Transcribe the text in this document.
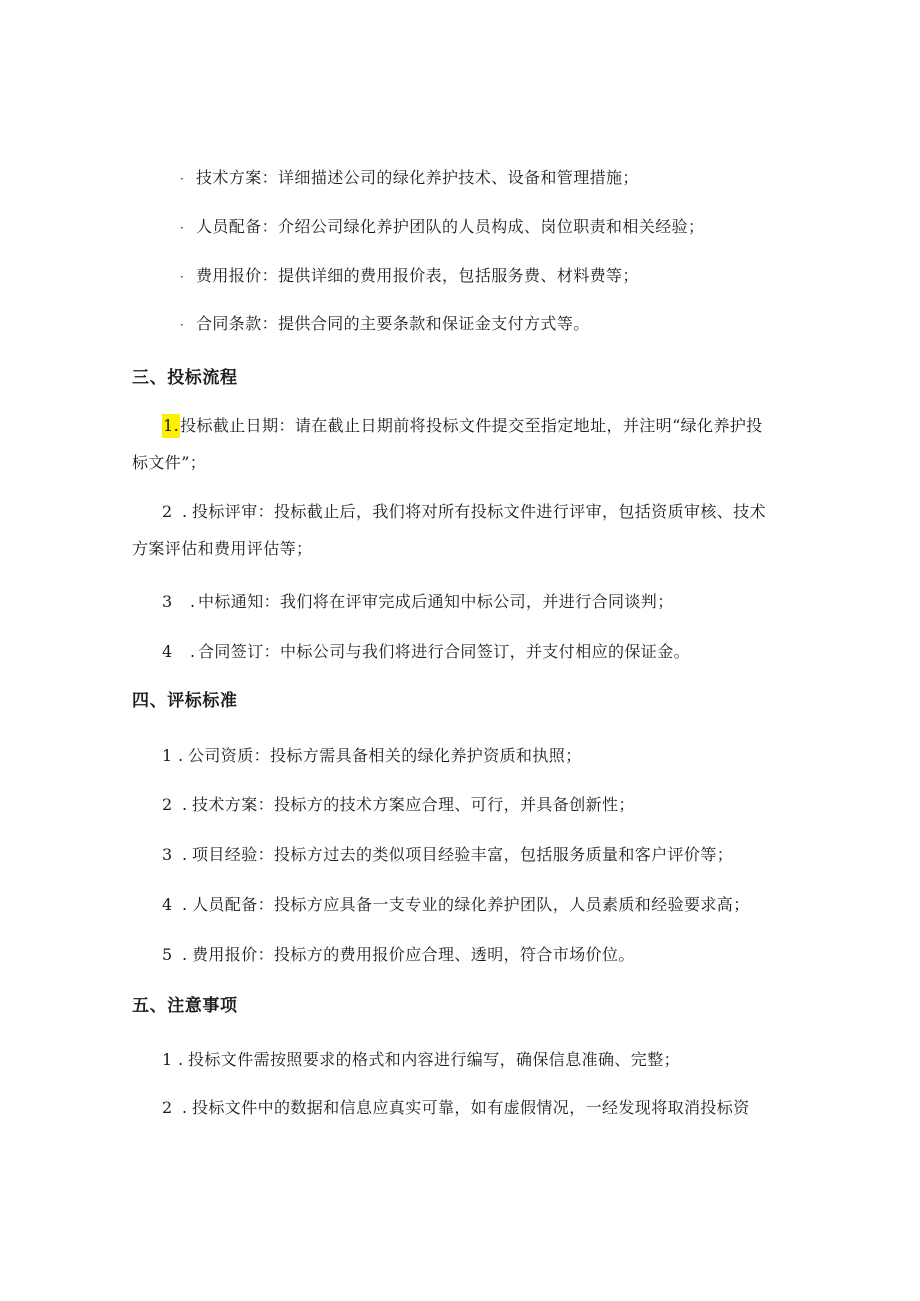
· 技术方案：详细描述公司的绿化养护技术、设备和管理措施；
· 人员配备：介绍公司绿化养护团队的人员构成、岗位职责和相关经验；
· 费用报价：提供详细的费用报价表，包括服务费、材料费等；
· 合同条款：提供合同的主要条款和保证金支付方式等。
三、投标流程
1.投标截止日期：请在截止日期前将投标文件提交至指定地址，并注明“绿化养护投
标文件”；
2 . 投标评审：投标截止后，我们将对所有投标文件进行评审，包括资质审核、技术
方案评估和费用评估等；
3 . 中标通知：我们将在评审完成后通知中标公司，并进行合同谈判；
4 . 合同签订：中标公司与我们将进行合同签订，并支付相应的保证金。
四、评标标准
1 . 公司资质：投标方需具备相关的绿化养护资质和执照；
2 . 技术方案：投标方的技术方案应合理、可行，并具备创新性；
3 . 项目经验：投标方过去的类似项目经验丰富，包括服务质量和客户评价等；
4 . 人员配备：投标方应具备一支专业的绿化养护团队，人员素质和经验要求高；
5 . 费用报价：投标方的费用报价应合理、透明，符合市场价位。
五、注意事项
1 . 投标文件需按照要求的格式和内容进行编写，确保信息准确、完整；
2 . 投标文件中的数据和信息应真实可靠，如有虚假情况，一经发现将取消投标资
